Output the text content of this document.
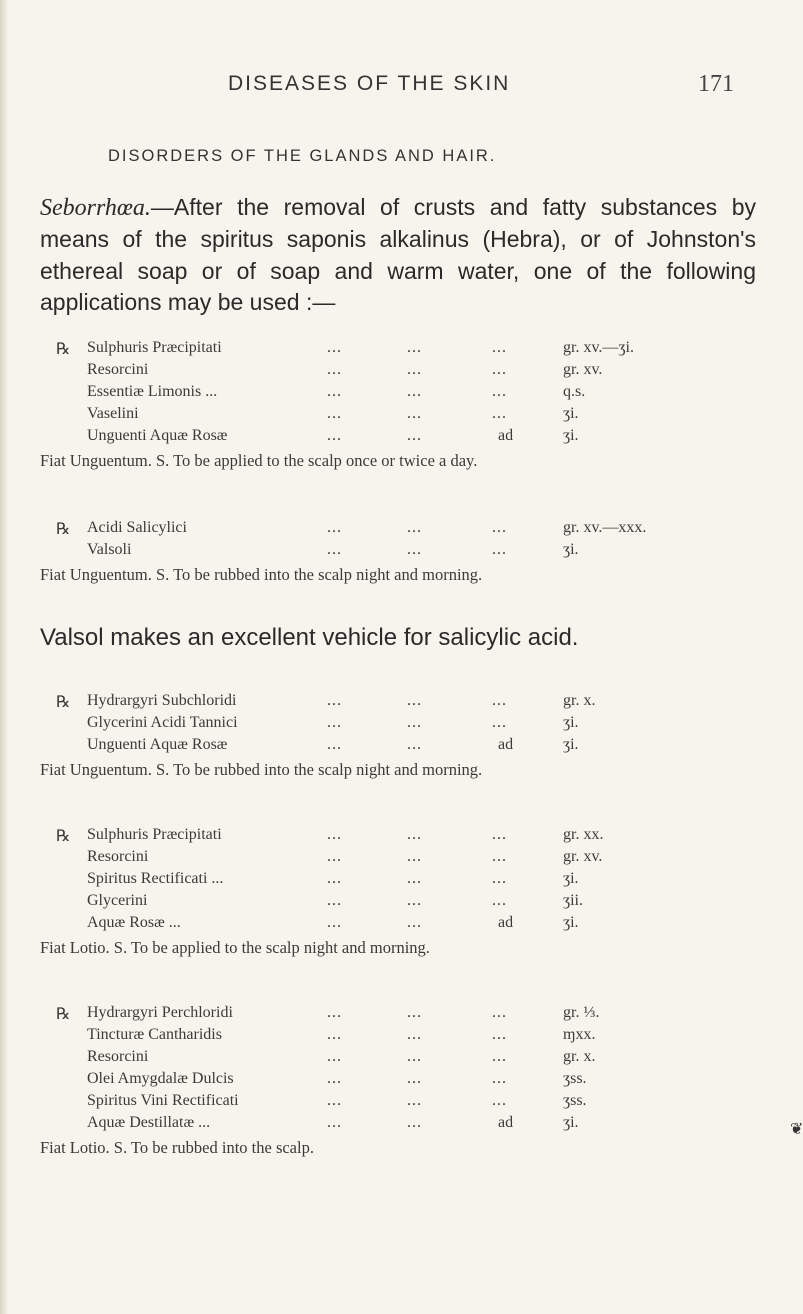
DISEASES OF THE SKIN	171
DISORDERS OF THE GLANDS AND HAIR.
Seborrhœa.—After the removal of crusts and fatty substances by means of the spiritus saponis alkalinus (Hebra), or of Johnston's ethereal soap or of soap and warm water, one of the following applications may be used :—
℞ Sulphuris Præcipitati	...	...	...	gr. xv.—ʒi.
Resorcini	...	...	...	gr. xv.
Essentiæ Limonis ...	...	...	...	q.s.
Vaselini	...	...	...	ʒi.
Unguenti Aquæ Rosæ	...	...	ad	ʒi.
Fiat Unguentum. S. To be applied to the scalp once or twice a day.
℞ Acidi Salicylici	...	...	...	gr. xv.—xxx.
Valsoli	...	...	...	ʒi.
Fiat Unguentum. S. To be rubbed into the scalp night and morning.
Valsol makes an excellent vehicle for salicylic acid.
℞ Hydrargyri Subchloridi	...	...	...	gr. x.
Glycerini Acidi Tannici	...	...	...	ʒi.
Unguenti Aquæ Rosæ	...	...	ad	ʒi.
Fiat Unguentum. S. To be rubbed into the scalp night and morning.
℞ Sulphuris Præcipitati	...	...	...	gr. xx.
Resorcini	...	...	...	gr. xv.
Spiritus Rectificati ...	...	...	...	ʒi.
Glycerini	...	...	...	ʒii.
Aquæ Rosæ ...	...	...	ad	ʒi.
Fiat Lotio. S. To be applied to the scalp night and morning.
℞ Hydrargyri Perchloridi	...	...	...	gr. ⅓.
Tincturæ Cantharidis	...	...	...	ɱxx.
Resorcini	...	...	...	gr. x.
Olei Amygdalæ Dulcis	...	...	...	ʒss.
Spiritus Vini Rectificati	...	...	...	ʒss.
Aquæ Destillatæ ...	...	...	ad	ʒi.
Fiat Lotio. S. To be rubbed into the scalp.
❦
